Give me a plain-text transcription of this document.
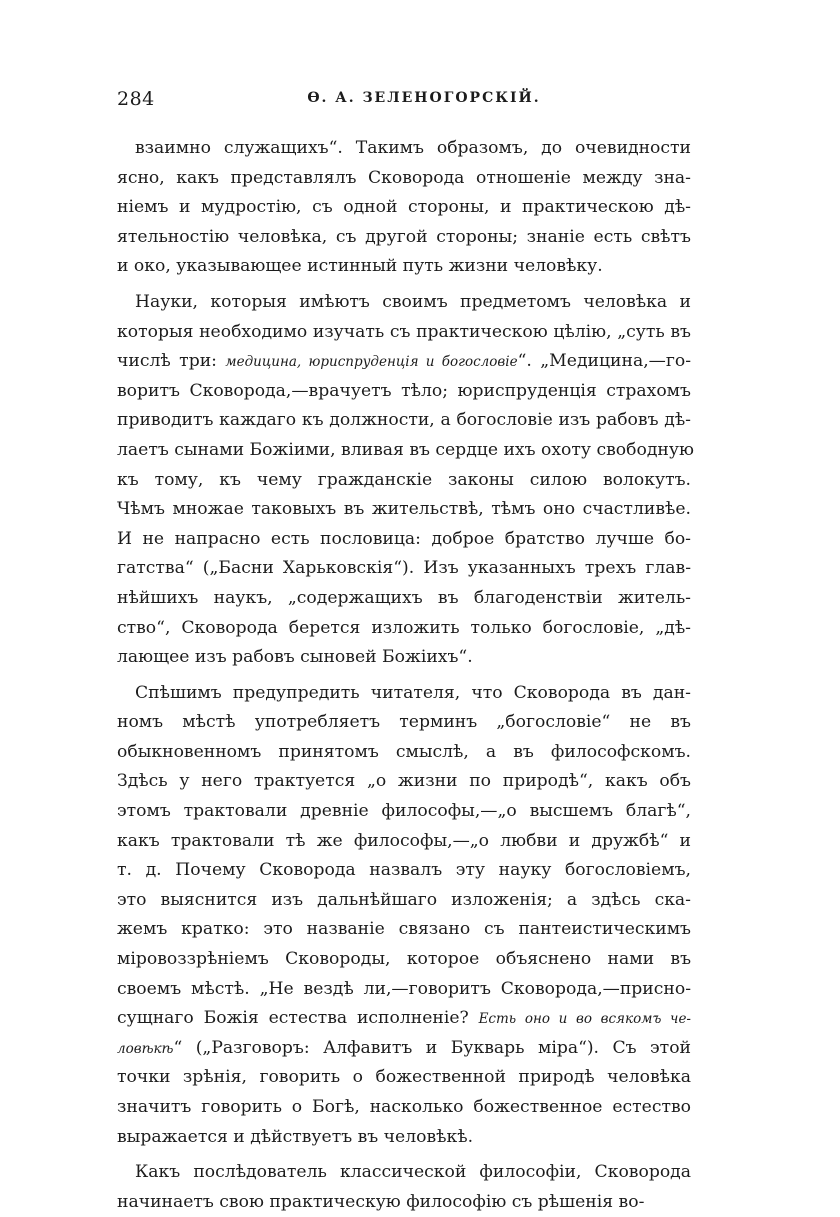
284	Ө. А. ЗЕЛЕНОГОРСКІЙ.
взаимно служащихъ“. Такимъ образомъ, до очевидности
ясно, какъ представлялъ Сковорода отношеніе между зна-
ніемъ и мудростію, съ одной стороны, и практическою дѣ-
ятельностію человѣка, съ другой стороны; знаніе есть свѣтъ
и око, указывающее истинный путь жизни человѣку.
Науки, которыя имѣютъ своимъ предметомъ человѣка и
которыя необходимо изучать съ практическою цѣлію, „суть въ
числѣ три: медицина, юриспруденція и богословіе“. „Медицина,—го-
воритъ Сковорода,—врачуетъ тѣло; юриспруденція страхомъ
приводитъ каждаго къ должности, а богословіе изъ рабовъ дѣ-
лаетъ сынами Божіими, вливая въ сердце ихъ охоту свободную
къ тому, къ чему гражданскіе законы силою волокутъ.
Чѣмъ множае таковыхъ въ жительствѣ, тѣмъ оно счастливѣе.
И не напрасно есть пословица: доброе братство лучше бо-
гатства“ („Басни Харьковскія“). Изъ указанныхъ трехъ глав-
нѣйшихъ наукъ, „содержащихъ въ благоденствіи житель-
ство“, Сковорода берется изложить только богословіе, „дѣ-
лающее изъ рабовъ сыновей Божіихъ“.
Спѣшимъ предупредить читателя, что Сковорода въ дан-
номъ мѣстѣ употребляетъ терминъ „богословіе“ не въ
обыкновенномъ принятомъ смыслѣ, а въ философскомъ.
Здѣсь у него трактуется „о жизни по природѣ“, какъ объ
этомъ трактовали древніе философы,—„о высшемъ благѣ“,
какъ трактовали тѣ же философы,—„о любви и дружбѣ“ и
т. д. Почему Сковорода назвалъ эту науку богословіемъ,
это выяснится изъ дальнѣйшаго изложенія; а здѣсь ска-
жемъ кратко: это названіе связано съ пантеистическимъ
міровоззрѣніемъ Сковороды, которое объяснено нами въ
своемъ мѣстѣ. „Не вездѣ ли,—говоритъ Сковорода,—присно-
сущнаго Божія естества исполненіе? Есть оно и во всякомъ че-
ловѣкѣ“ („Разговоръ: Алфавитъ и Букварь міра“). Съ этой
точки зрѣнія, говорить о божественной природѣ человѣка
значитъ говорить о Богѣ, насколько божественное естество
выражается и дѣйствуетъ въ человѣкѣ.
Какъ послѣдователь классической философіи, Сковорода
начинаетъ свою практическую философію съ рѣшенія во-
